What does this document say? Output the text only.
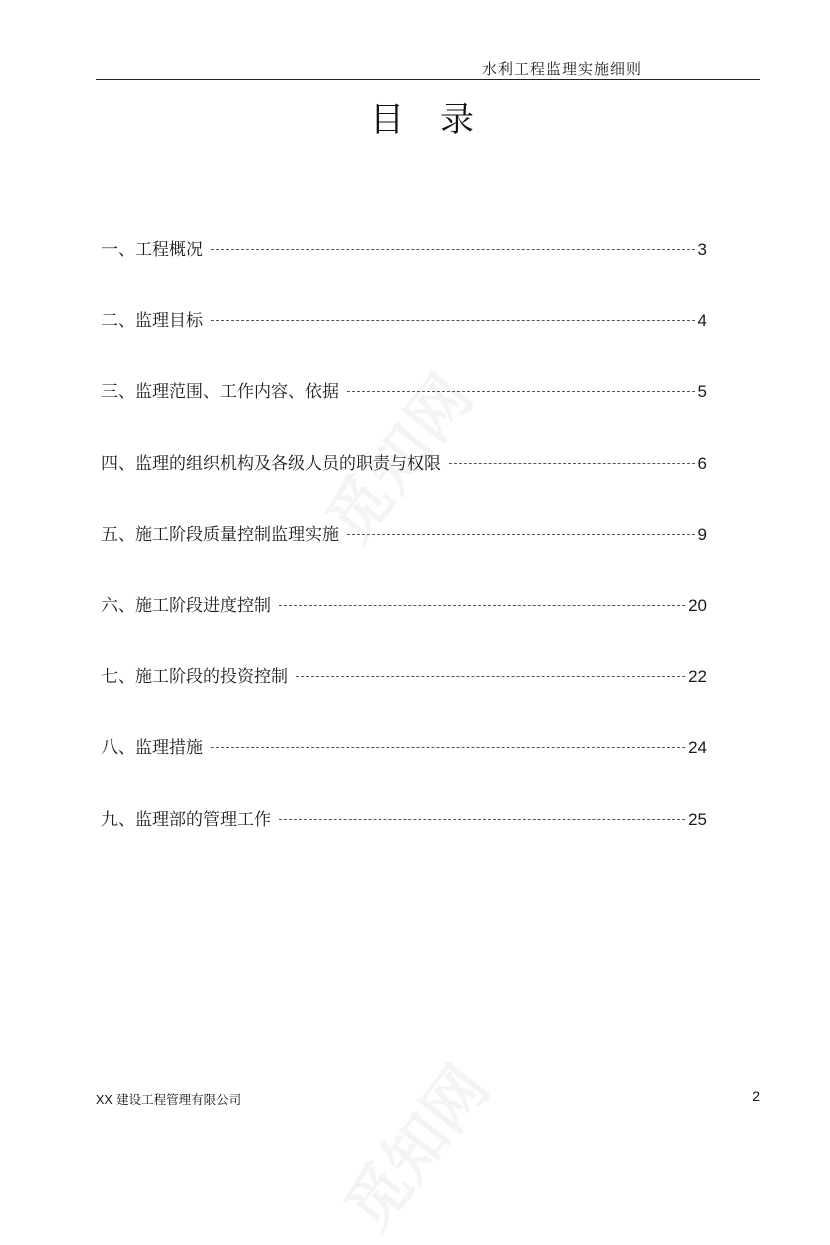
水利工程监理实施细则
目录
一、工程概况	3
二、监理目标	4
三、监理范围、工作内容、依据	5
四、监理的组织机构及各级人员的职责与权限	6
五、施工阶段质量控制监理实施	9
六、施工阶段进度控制	20
七、施工阶段的投资控制	22
八、监理措施	24
九、监理部的管理工作	25
XX 建设工程管理有限公司	2
